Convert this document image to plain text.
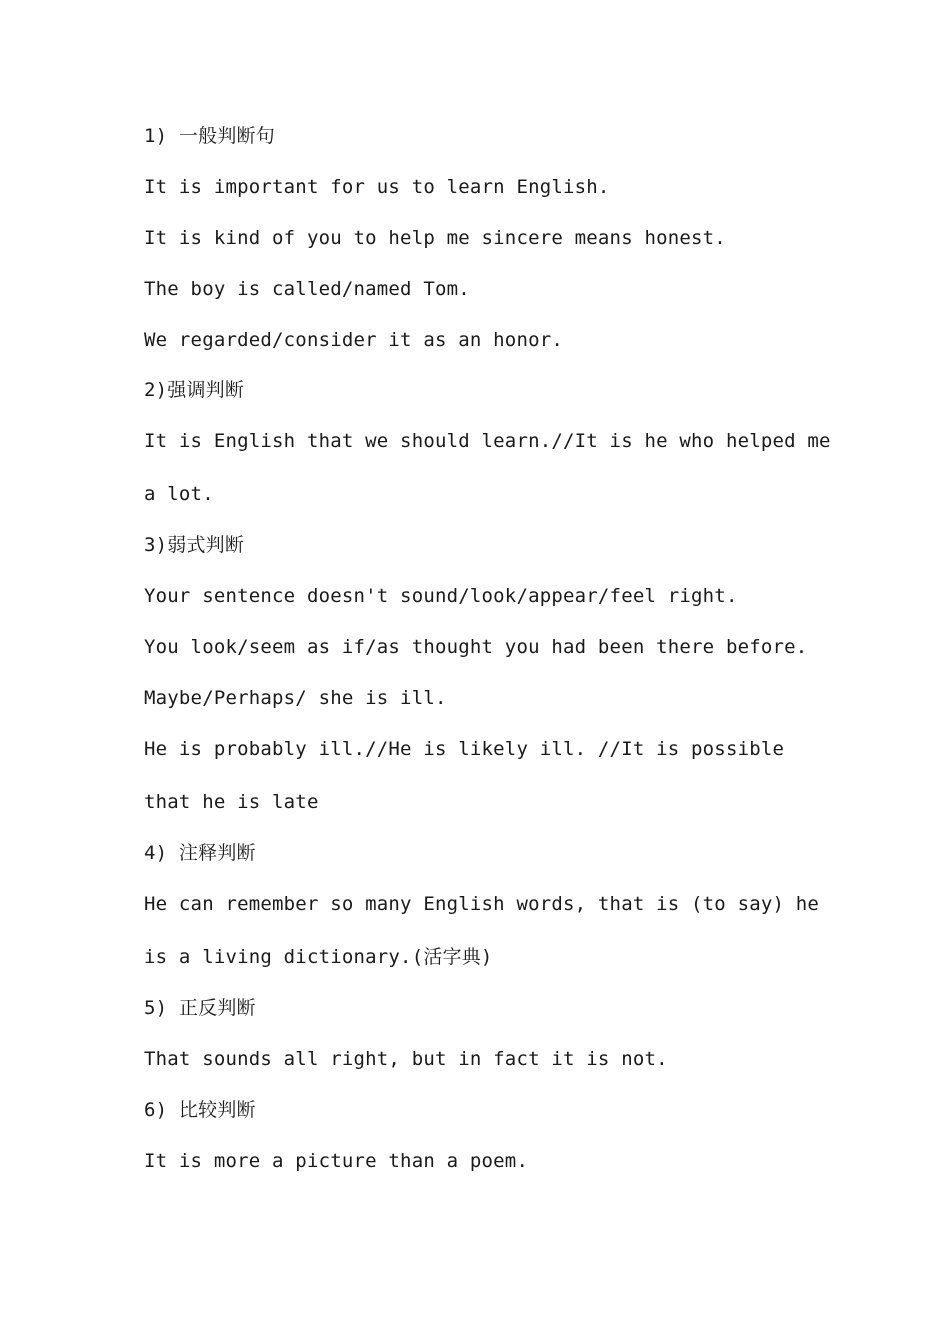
1) 一般判断句

It is important for us to learn English.

It is kind of you to help me sincere means honest.

The boy is called/named Tom.

We regarded/consider it as an honor.

2)强调判断

It is English that we should learn.//It is he who helped me

a lot.

3)弱式判断

Your sentence doesn't sound/look/appear/feel right.

You look/seem as if/as thought you had been there before.

Maybe/Perhaps/ she is ill.

He is probably ill.//He is likely ill. //It is possible

that he is late

4) 注释判断

He can remember so many English words, that is (to say) he

is a living dictionary.(活字典)

5) 正反判断

That sounds all right, but in fact it is not.

6) 比较判断

It is more a picture than a poem.
